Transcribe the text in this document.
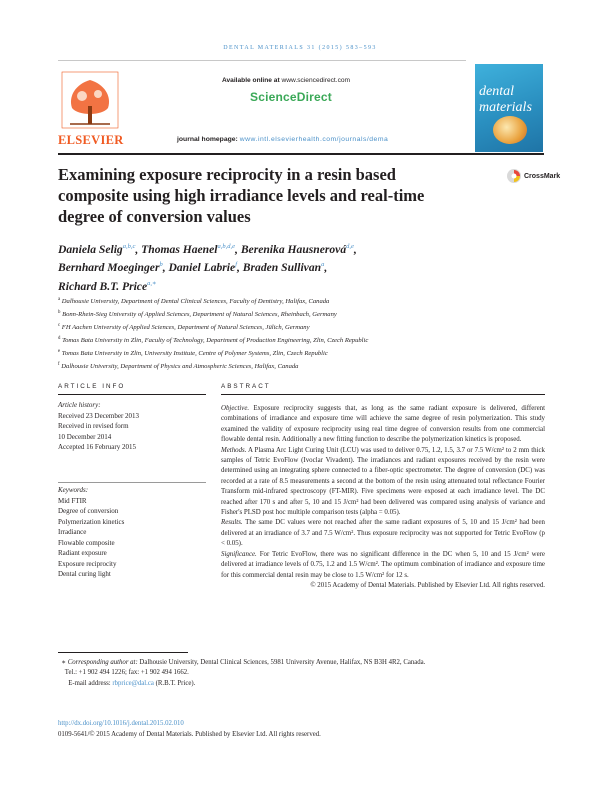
DENTAL MATERIALS 31 (2015) 583–593
ELSEVIER
Available online at www.sciencedirect.com
ScienceDirect
journal homepage: www.intl.elsevierhealth.com/journals/dema
dental materials
Examining exposure reciprocity in a resin based composite using high irradiance levels and real-time degree of conversion values
CrossMark
Daniela Selig$^{a,b,c}$, Thomas Haenel$^{a,b,d,e}$, Berenika Hausnerová$^{d,e}$,
Bernhard Moeginger$^b$, Daniel Labrie$^f$, Braden Sullivan$^a$,
Richard B.T. Price$^{a,∗}$
$^a$ Dalhousie University, Department of Dental Clinical Sciences, Faculty of Dentistry, Halifax, Canada
$^b$ Bonn-Rhein-Sieg University of Applied Sciences, Department of Natural Sciences, Rheinbach, Germany
$^c$ FH Aachen University of Applied Sciences, Department of Natural Sciences, Jülich, Germany
$^d$ Tomas Bata University in Zlin, Faculty of Technology, Department of Production Engineering, Zlin, Czech Republic
$^e$ Tomas Bata University in Zlin, University Institute, Centre of Polymer Systems, Zlin, Czech Republic
$^f$ Dalhousie University, Department of Physics and Atmospheric Sciences, Halifax, Canada
ARTICLE INFO	ABSTRACT
Article history:
Received 23 December 2013
Received in revised form
10 December 2014
Accepted 16 February 2015
Keywords:
Mid FTIR
Degree of conversion
Polymerization kinetics
Irradiance
Flowable composite
Radiant exposure
Exposure reciprocity
Dental curing light

Objective. Exposure reciprocity suggests that, as long as the same radiant exposure is delivered, different combinations of irradiance and exposure time will achieve the same degree of resin polymerization. This study examined the validity of exposure reciprocity using real time degree of conversion results from one commercial flowable dental resin. Additionally a new fitting function to describe the polymerization kinetics is proposed.

Methods. A Plasma Arc Light Curing Unit (LCU) was used to deliver 0.75, 1.2, 1.5, 3.7 or 7.5 W/cm² to 2 mm thick samples of Tetric EvoFlow (Ivoclar Vivadent). The irradiances and radiant exposures received by the resin were determined using an integrating sphere connected to a fiber-optic spectrometer. The degree of conversion (DC) was recorded at a rate of 8.5 measurements a second at the bottom of the resin using attenuated total reflectance Fourier Transform mid-infrared spectroscopy (FT-MIR). Five specimens were exposed at each irradiance level. The DC reached after 170 s and after 5, 10 and 15 J/cm² had been delivered was compared using analysis of variance and Fisher's PLSD post hoc multiple comparison tests (alpha = 0.05).

Results. The same DC values were not reached after the same radiant exposures of 5, 10 and 15 J/cm² had been delivered at an irradiance of 3.7 and 7.5 W/cm². Thus exposure reciprocity was not supported for Tetric EvoFlow (p < 0.05).

Significance. For Tetric EvoFlow, there was no significant difference in the DC when 5, 10 and 15 J/cm² were delivered at irradiance levels of 0.75, 1.2 and 1.5 W/cm². The optimum combination of irradiance and exposure time for this commercial dental resin may be close to 1.5 W/cm² for 12 s.

© 2015 Academy of Dental Materials. Published by Elsevier Ltd. All rights reserved.

∗ Corresponding author at: Dalhousie University, Dental Clinical Sciences, 5981 University Avenue, Halifax, NS B3H 4R2, Canada.
Tel.: +1 902 494 1226; fax: +1 902 494 1662.
E-mail address: rbprice@dal.ca (R.B.T. Price).
http://dx.doi.org/10.1016/j.dental.2015.02.010
0109-5641/© 2015 Academy of Dental Materials. Published by Elsevier Ltd. All rights reserved.
